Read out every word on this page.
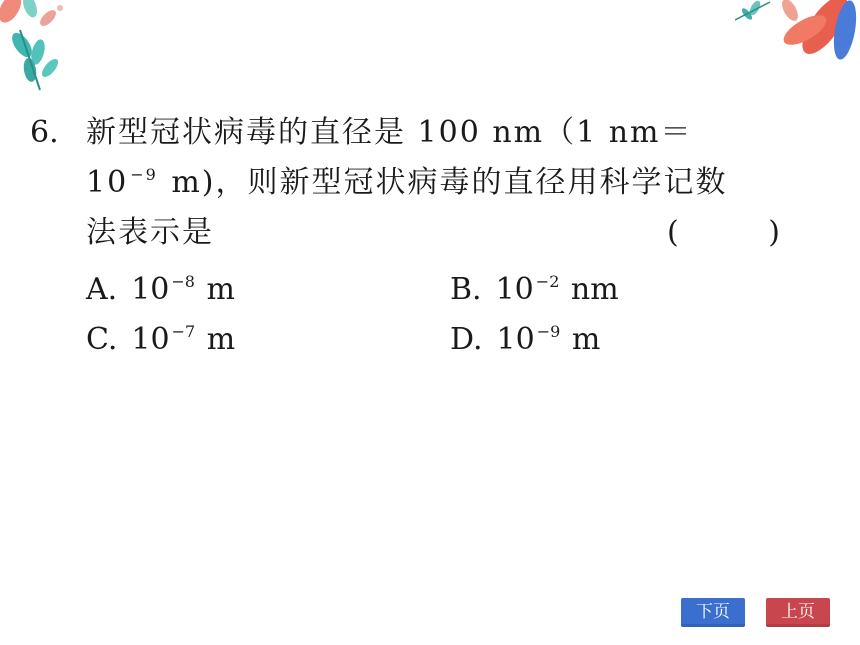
6. 新型冠状病毒的直径是 100 nm（1 nm＝
10 $^{-9}$ m)，则新型冠状病毒的直径用科学记数
法表示是	( )
A. 10 $^{-8}$ m	B. 10 $^{-2}$ nm
C. 10 $^{-7}$ m	D. 10 $^{-9}$ m
下页	上页
